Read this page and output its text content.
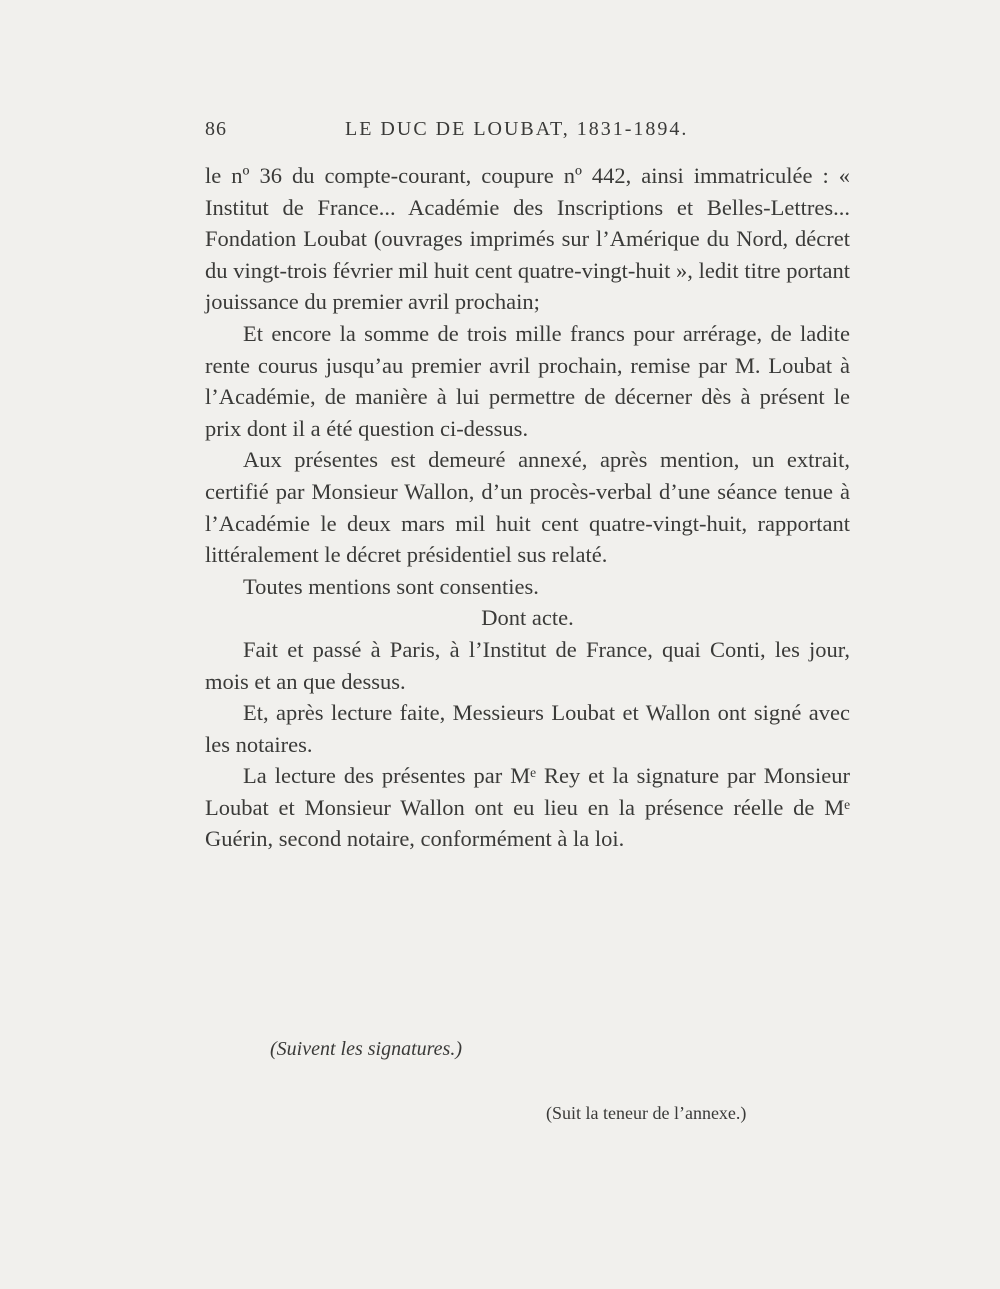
86	LE DUC DE LOUBAT, 1831-1894.

le nº 36 du compte-courant, coupure nº 442, ainsi immatriculée : « Institut de France... Académie des Inscriptions et Belles-Lettres... Fondation Loubat (ouvrages imprimés sur l’Amérique du Nord, décret du vingt-trois février mil huit cent quatre-vingt-huit », ledit titre portant jouissance du premier avril prochain;

Et encore la somme de trois mille francs pour arrérage, de ladite rente courus jusqu’au premier avril prochain, remise par M. Loubat à l’Académie, de manière à lui permettre de décerner dès à présent le prix dont il a été question ci-dessus.

Aux présentes est demeuré annexé, après mention, un extrait, certifié par Monsieur Wallon, d’un procès-verbal d’une séance tenue à l’Académie le deux mars mil huit cent quatre-vingt-huit, rapportant littéralement le décret présidentiel sus relaté.

Toutes mentions sont consenties.

Dont acte.

Fait et passé à Paris, à l’Institut de France, quai Conti, les jour, mois et an que dessus.

Et, après lecture faite, Messieurs Loubat et Wallon ont signé avec les notaires.

La lecture des présentes par Mᵉ Rey et la signature par Monsieur Loubat et Monsieur Wallon ont eu lieu en la présence réelle de Mᵉ Guérin, second notaire, conformément à la loi.

(Suivent les signatures.)
(Suit la teneur de l’annexe.)
